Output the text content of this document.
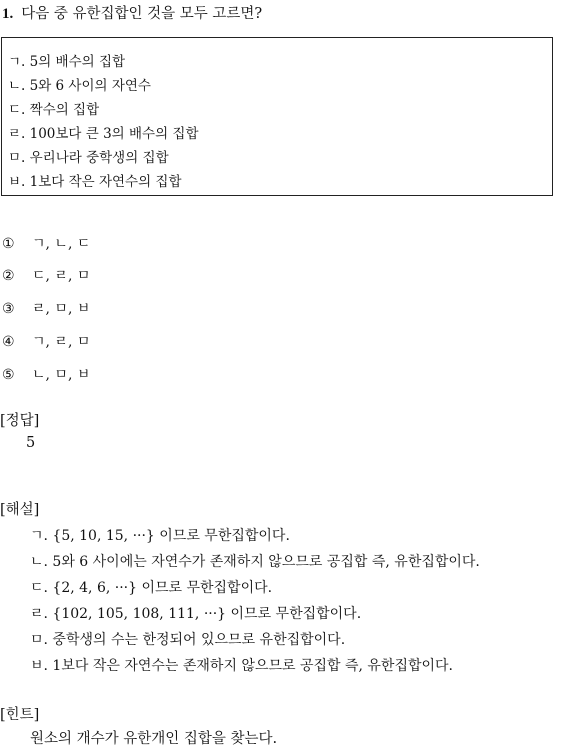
1. 다음 중 유한집합인 것을 모두 고르면?
ㄱ. 5의 배수의 집합
ㄴ. 5와 6 사이의 자연수
ㄷ. 짝수의 집합
ㄹ. 100보다 큰 3의 배수의 집합
ㅁ. 우리나라 중학생의 집합
ㅂ. 1보다 작은 자연수의 집합
① ㄱ, ㄴ, ㄷ
② ㄷ, ㄹ, ㅁ
③ ㄹ, ㅁ, ㅂ
④ ㄱ, ㄹ, ㅁ
⑤ ㄴ, ㅁ, ㅂ
[정답]
5
[해설]
ㄱ. {5, 10, 15, ···} 이므로 무한집합이다.
ㄴ. 5와 6 사이에는 자연수가 존재하지 않으므로 공집합 즉, 유한집합이다.
ㄷ. {2, 4, 6, ···} 이므로 무한집합이다.
ㄹ. {102, 105, 108, 111, ···} 이므로 무한집합이다.
ㅁ. 중학생의 수는 한정되어 있으므로 유한집합이다.
ㅂ. 1보다 작은 자연수는 존재하지 않으므로 공집합 즉, 유한집합이다.
[힌트]
원소의 개수가 유한개인 집합을 찾는다.
